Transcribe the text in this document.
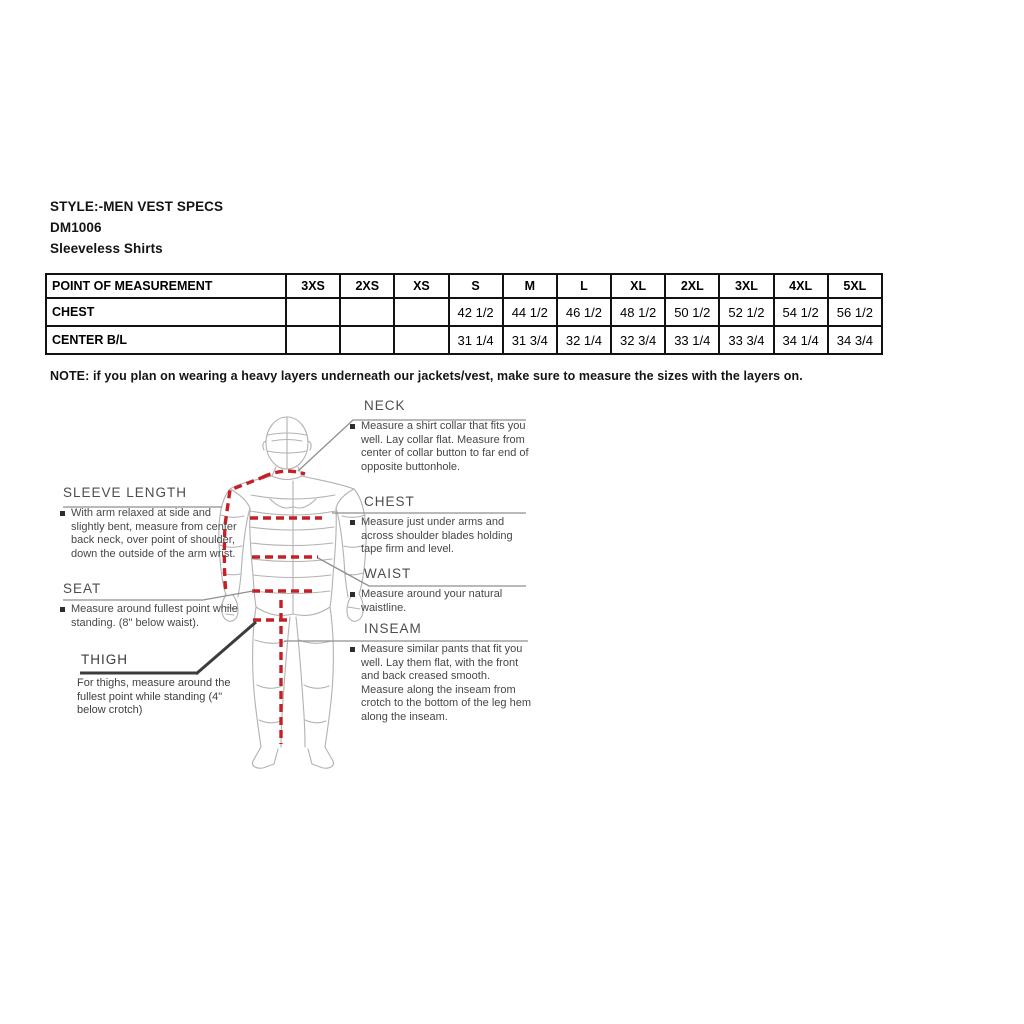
STYLE:-MEN VEST SPECS
DM1006
Sleeveless Shirts
POINT OF MEASUREMENT	3XS	2XS	XS	S	M	L	XL	2XL	3XL	4XL	5XL
CHEST				42 1/2	44 1/2	46 1/2	48 1/2	50 1/2	52 1/2	54 1/2	56 1/2
CENTER B/L				31 1/4	31 3/4	32 1/4	32 3/4	33 1/4	33 3/4	34 1/4	34 3/4
NOTE: if you plan on wearing a heavy layers underneath our jackets/vest, make sure to measure the sizes with the layers on.
NECK
Measure a shirt collar that fits you well. Lay collar flat. Measure from center of collar button to far end of opposite buttonhole.
CHEST
Measure just under arms and across shoulder blades holding tape firm and level.
WAIST
Measure around your natural waistline.
INSEAM
Measure similar pants that fit you well. Lay them flat, with the front and back creased smooth. Measure along the inseam from crotch to the bottom of the leg hem along the inseam.
SLEEVE LENGTH
With arm relaxed at side and slightly bent, measure from center back neck, over point of shoulder, down the outside of the arm wrist.
SEAT
Measure around fullest point while standing. (8" below waist).
THIGH
For thighs, measure around the fullest point while standing (4" below crotch)
